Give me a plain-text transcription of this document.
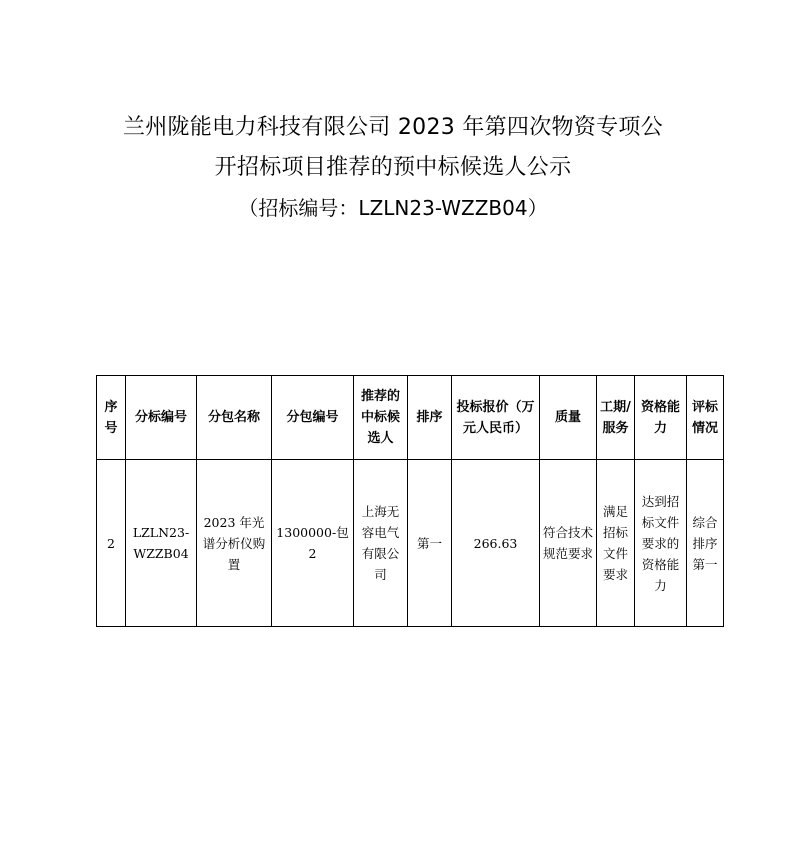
兰州陇能电力科技有限公司 2023 年第四次物资专项公
开招标项目推荐的预中标候选人公示
（招标编号：LZLN23-WZZB04）
序号	分标编号	分包名称	分包编号	推荐的中标候选人	排序	投标报价（万元人民币）	质量	工期/服务	资格能力	评标情况
2	LZLN23-WZZB04	2023 年光谱分析仪购置	1300000-包2	上海无容电气有限公司	第一	266.63	符合技术规范要求	满足招标文件要求	达到招标文件要求的资格能力	综合排序第一
